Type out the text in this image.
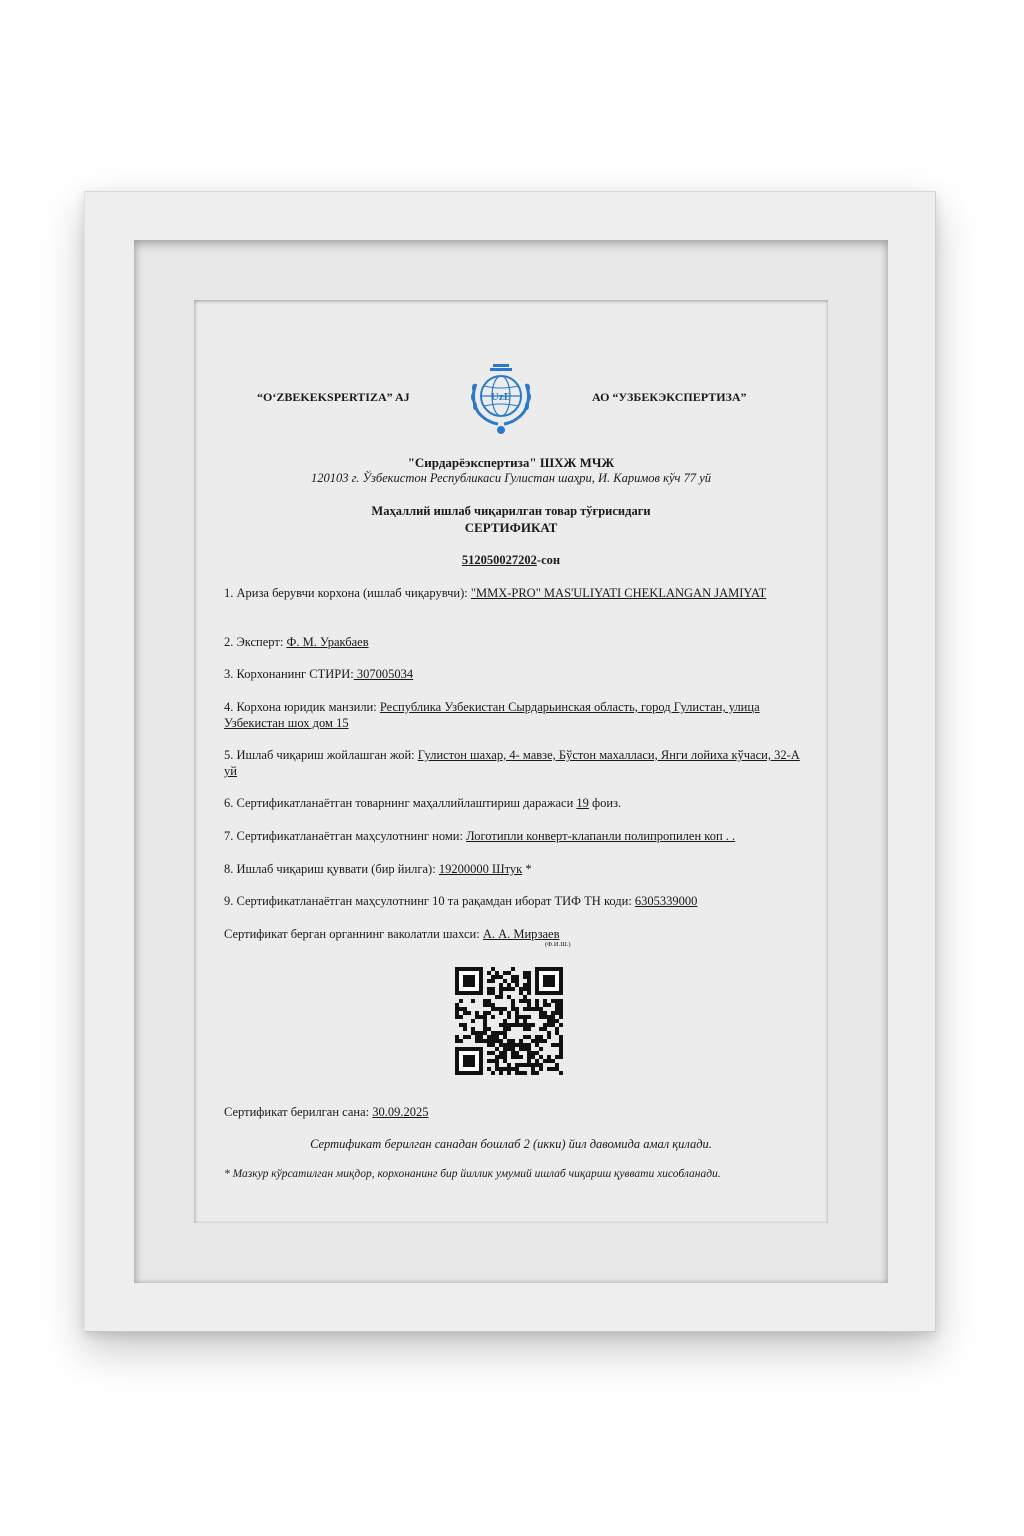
“O‘ZBEKEKSPERTIZA” AJ	UzE	АО “УЗБЕКЭКСПЕРТИЗА”
"Сирдарёэкспертиза" ШХЖ МЧЖ
120103 г. Ўзбекистон Республикаси Гулистан шаҳри, И. Каримов кўч 77 уй
Маҳаллий ишлаб чиқарилган товар тўғрисидаги
СЕРТИФИКАТ
512050027202-сон
1. Ариза берувчи корхона (ишлаб чиқарувчи): "MMX-PRO" MAS'ULIYATI CHEKLANGAN JAMIYAT
2. Эксперт: Ф. М. Уракбаев
3. Корхонанинг СТИРИ: 307005034
4. Корхона юридик манзили: Республика Узбекистан Сырдарьинская область, город Гулистан, улица Узбекистан шох дом 15
5. Ишлаб чиқариш жойлашган жой: Гулистон шахар, 4- мавзе, Бўстон махалласи, Янги лойиха кўчаси, 32-А уй
6. Сертификатланаётган товарнинг маҳаллийлаштириш даражаси 19 фоиз.
7. Сертификатланаётган маҳсулотнинг номи: Логотипли конверт-клапанли полипропилен коп . .
8. Ишлаб чиқариш қуввати (бир йилга): 19200000 Штук *
9. Сертификатланаётган маҳсулотнинг 10 та рақамдан иборат ТИФ ТН коди: 6305339000
Сертификат берган органнинг ваколатли шахси: А. А. Мирзаев
(Ф.И.Ш.)
Сертификат берилган сана: 30.09.2025
Сертификат берилган санадан бошлаб 2 (икки) йил давомида амал қилади.
* Мазкур кўрсатилган миқдор, корхонанинг бир йиллик умумий ишлаб чиқариш қуввати хисобланади.
